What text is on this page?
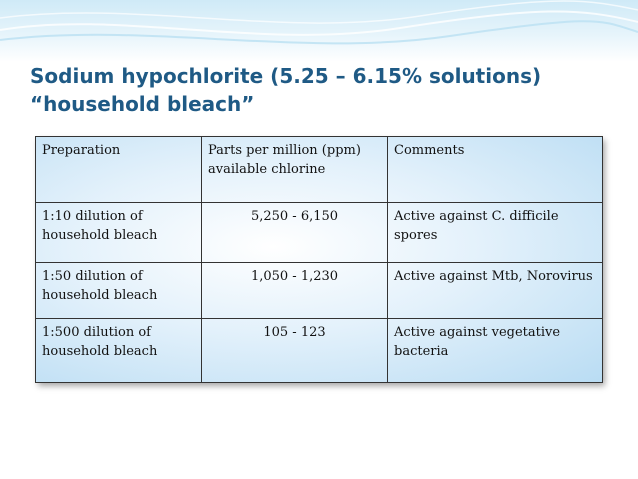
Sodium hypochlorite (5.25 – 6.15% solutions)
“household bleach”
Preparation	Parts per million (ppm) available chlorine	Comments
1:10 dilution of household bleach	5,250 - 6,150	Active against C. difficile spores
1:50 dilution of household bleach	1,050 - 1,230	Active against Mtb, Norovirus
1:500 dilution of household bleach	105 - 123	Active against vegetative bacteria
